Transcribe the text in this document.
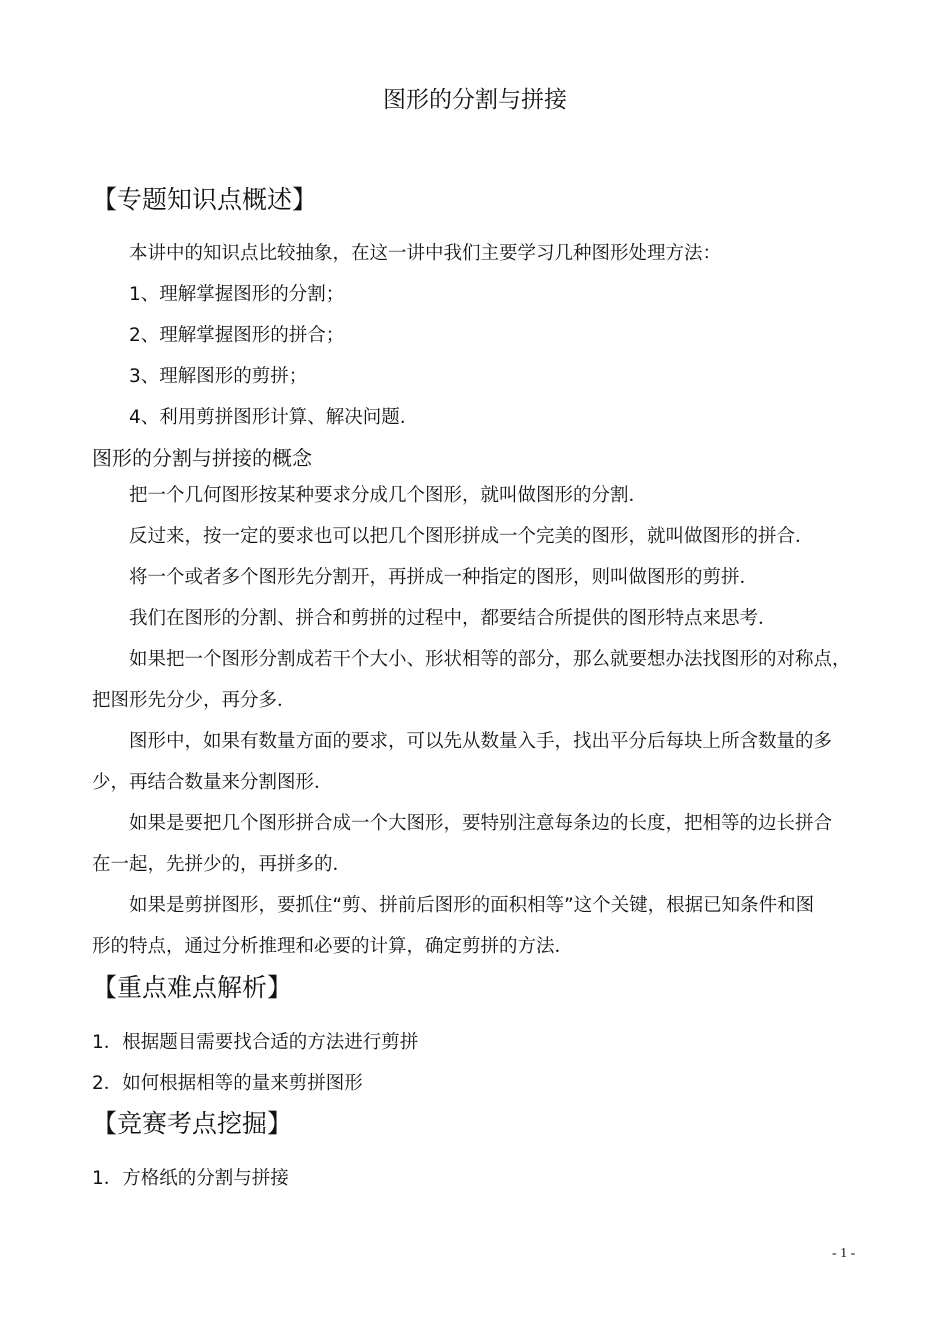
图形的分割与拼接
【专题知识点概述】
本讲中的知识点比较抽象，在这一讲中我们主要学习几种图形处理方法：
1、理解掌握图形的分割；
2、理解掌握图形的拼合；
3、理解图形的剪拼；
4、利用剪拼图形计算、解决问题.
图形的分割与拼接的概念
把一个几何图形按某种要求分成几个图形，就叫做图形的分割．
反过来，按一定的要求也可以把几个图形拼成一个完美的图形，就叫做图形的拼合．
将一个或者多个图形先分割开，再拼成一种指定的图形，则叫做图形的剪拼．
我们在图形的分割、拼合和剪拼的过程中，都要结合所提供的图形特点来思考．
如果把一个图形分割成若干个大小、形状相等的部分，那么就要想办法找图形的对称点，
把图形先分少，再分多．
图形中，如果有数量方面的要求，可以先从数量入手，找出平分后每块上所含数量的多
少，再结合数量来分割图形．
如果是要把几个图形拼合成一个大图形，要特别注意每条边的长度，把相等的边长拼合
在一起，先拼少的，再拼多的．
如果是剪拼图形，要抓住“剪、拼前后图形的面积相等”这个关键，根据已知条件和图
形的特点，通过分析推理和必要的计算，确定剪拼的方法．
【重点难点解析】
1．根据题目需要找合适的方法进行剪拼
2．如何根据相等的量来剪拼图形
【竞赛考点挖掘】
1．方格纸的分割与拼接
- 1 -
